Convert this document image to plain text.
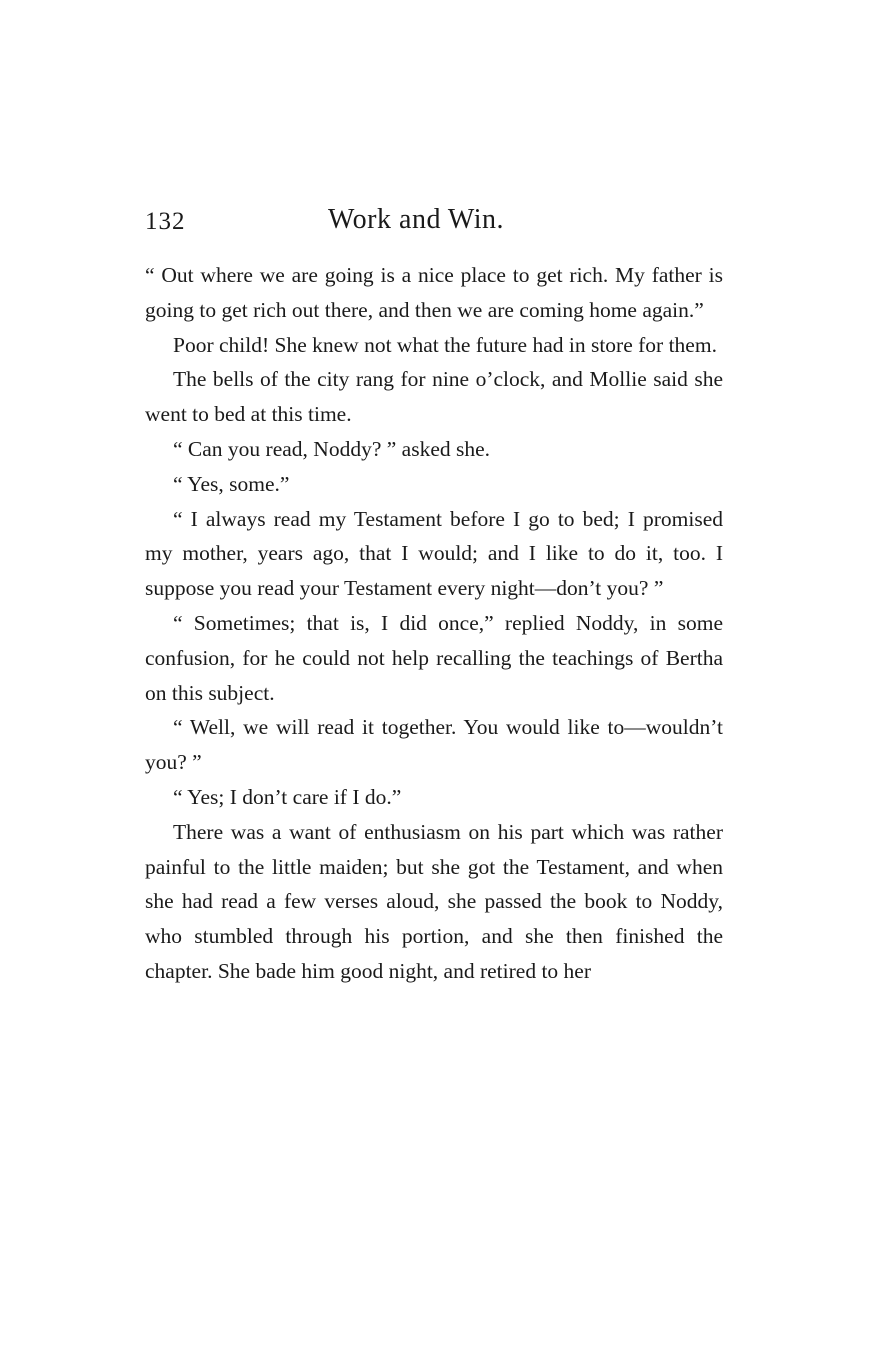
132	Work and Win.

“ Out where we are going is a nice place to get rich. My father is going to get rich out there, and then we are coming home again.”

Poor child! She knew not what the future had in store for them.

The bells of the city rang for nine o’clock, and Mollie said she went to bed at this time.

“ Can you read, Noddy? ” asked she.

“ Yes, some.”

“ I always read my Testament before I go to bed; I promised my mother, years ago, that I would; and I like to do it, too. I suppose you read your Testament every night—don’t you? ”

“ Sometimes; that is, I did once,” replied Noddy, in some confusion, for he could not help recalling the teachings of Bertha on this subject.

“ Well, we will read it together. You would like to—wouldn’t you? ”

“ Yes; I don’t care if I do.”

There was a want of enthusiasm on his part which was rather painful to the little maiden; but she got the Testament, and when she had read a few verses aloud, she passed the book to Noddy, who stumbled through his portion, and she then finished the chapter. She bade him good night, and retired to her
